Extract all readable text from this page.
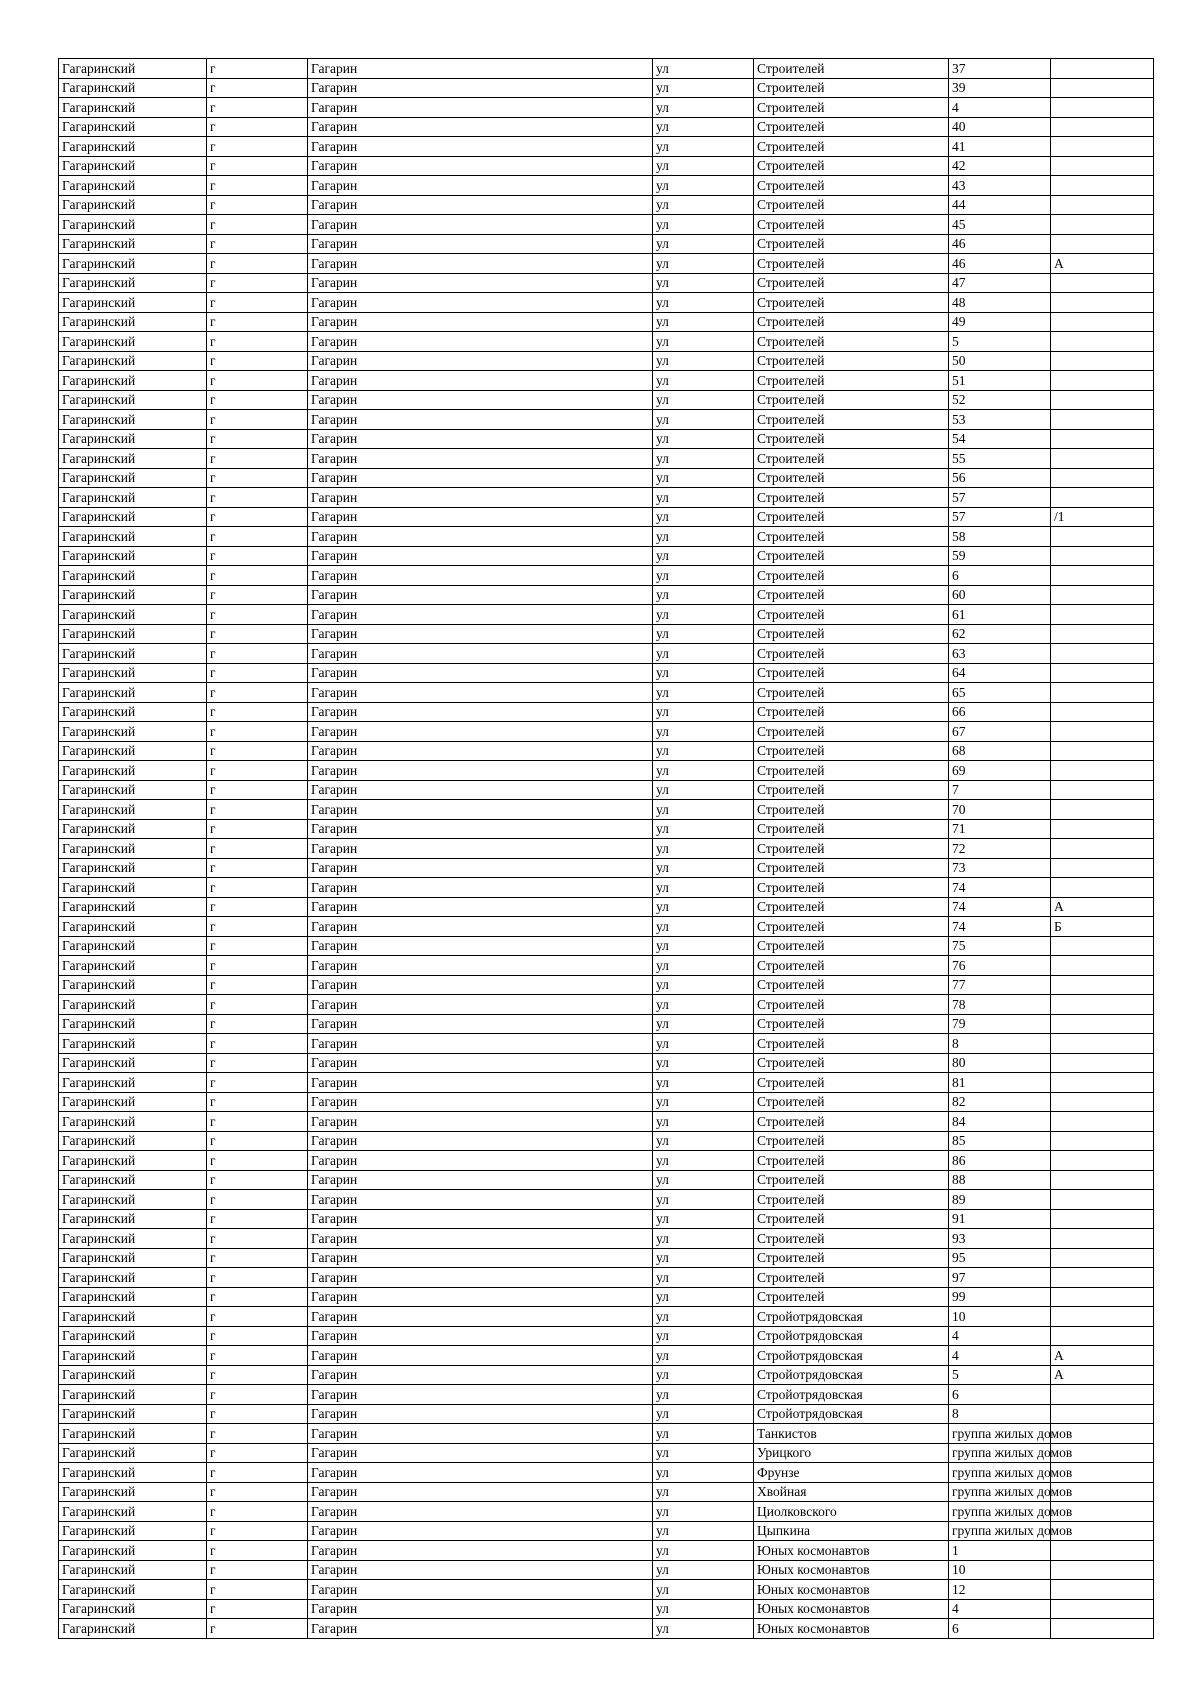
Гагаринский	г	Гагарин	ул	Строителей	37	
Гагаринский	г	Гагарин	ул	Строителей	39	
Гагаринский	г	Гагарин	ул	Строителей	4	
Гагаринский	г	Гагарин	ул	Строителей	40	
Гагаринский	г	Гагарин	ул	Строителей	41	
Гагаринский	г	Гагарин	ул	Строителей	42	
Гагаринский	г	Гагарин	ул	Строителей	43	
Гагаринский	г	Гагарин	ул	Строителей	44	
Гагаринский	г	Гагарин	ул	Строителей	45	
Гагаринский	г	Гагарин	ул	Строителей	46	
Гагаринский	г	Гагарин	ул	Строителей	46	А
Гагаринский	г	Гагарин	ул	Строителей	47	
Гагаринский	г	Гагарин	ул	Строителей	48	
Гагаринский	г	Гагарин	ул	Строителей	49	
Гагаринский	г	Гагарин	ул	Строителей	5	
Гагаринский	г	Гагарин	ул	Строителей	50	
Гагаринский	г	Гагарин	ул	Строителей	51	
Гагаринский	г	Гагарин	ул	Строителей	52	
Гагаринский	г	Гагарин	ул	Строителей	53	
Гагаринский	г	Гагарин	ул	Строителей	54	
Гагаринский	г	Гагарин	ул	Строителей	55	
Гагаринский	г	Гагарин	ул	Строителей	56	
Гагаринский	г	Гагарин	ул	Строителей	57	
Гагаринский	г	Гагарин	ул	Строителей	57	/1
Гагаринский	г	Гагарин	ул	Строителей	58	
Гагаринский	г	Гагарин	ул	Строителей	59	
Гагаринский	г	Гагарин	ул	Строителей	6	
Гагаринский	г	Гагарин	ул	Строителей	60	
Гагаринский	г	Гагарин	ул	Строителей	61	
Гагаринский	г	Гагарин	ул	Строителей	62	
Гагаринский	г	Гагарин	ул	Строителей	63	
Гагаринский	г	Гагарин	ул	Строителей	64	
Гагаринский	г	Гагарин	ул	Строителей	65	
Гагаринский	г	Гагарин	ул	Строителей	66	
Гагаринский	г	Гагарин	ул	Строителей	67	
Гагаринский	г	Гагарин	ул	Строителей	68	
Гагаринский	г	Гагарин	ул	Строителей	69	
Гагаринский	г	Гагарин	ул	Строителей	7	
Гагаринский	г	Гагарин	ул	Строителей	70	
Гагаринский	г	Гагарин	ул	Строителей	71	
Гагаринский	г	Гагарин	ул	Строителей	72	
Гагаринский	г	Гагарин	ул	Строителей	73	
Гагаринский	г	Гагарин	ул	Строителей	74	
Гагаринский	г	Гагарин	ул	Строителей	74	А
Гагаринский	г	Гагарин	ул	Строителей	74	Б
Гагаринский	г	Гагарин	ул	Строителей	75	
Гагаринский	г	Гагарин	ул	Строителей	76	
Гагаринский	г	Гагарин	ул	Строителей	77	
Гагаринский	г	Гагарин	ул	Строителей	78	
Гагаринский	г	Гагарин	ул	Строителей	79	
Гагаринский	г	Гагарин	ул	Строителей	8	
Гагаринский	г	Гагарин	ул	Строителей	80	
Гагаринский	г	Гагарин	ул	Строителей	81	
Гагаринский	г	Гагарин	ул	Строителей	82	
Гагаринский	г	Гагарин	ул	Строителей	84	
Гагаринский	г	Гагарин	ул	Строителей	85	
Гагаринский	г	Гагарин	ул	Строителей	86	
Гагаринский	г	Гагарин	ул	Строителей	88	
Гагаринский	г	Гагарин	ул	Строителей	89	
Гагаринский	г	Гагарин	ул	Строителей	91	
Гагаринский	г	Гагарин	ул	Строителей	93	
Гагаринский	г	Гагарин	ул	Строителей	95	
Гагаринский	г	Гагарин	ул	Строителей	97	
Гагаринский	г	Гагарин	ул	Строителей	99	
Гагаринский	г	Гагарин	ул	Стройотрядовская	10	
Гагаринский	г	Гагарин	ул	Стройотрядовская	4	
Гагаринский	г	Гагарин	ул	Стройотрядовская	4	А
Гагаринский	г	Гагарин	ул	Стройотрядовская	5	А
Гагаринский	г	Гагарин	ул	Стройотрядовская	6	
Гагаринский	г	Гагарин	ул	Стройотрядовская	8	
Гагаринский	г	Гагарин	ул	Танкистов	группа жилых домов	
Гагаринский	г	Гагарин	ул	Урицкого	группа жилых домов	
Гагаринский	г	Гагарин	ул	Фрунзе	группа жилых домов	
Гагаринский	г	Гагарин	ул	Хвойная	группа жилых домов	
Гагаринский	г	Гагарин	ул	Циолковского	группа жилых домов	
Гагаринский	г	Гагарин	ул	Цыпкина	группа жилых домов	
Гагаринский	г	Гагарин	ул	Юных космонавтов	1	
Гагаринский	г	Гагарин	ул	Юных космонавтов	10	
Гагаринский	г	Гагарин	ул	Юных космонавтов	12	
Гагаринский	г	Гагарин	ул	Юных космонавтов	4	
Гагаринский	г	Гагарин	ул	Юных космонавтов	6	
